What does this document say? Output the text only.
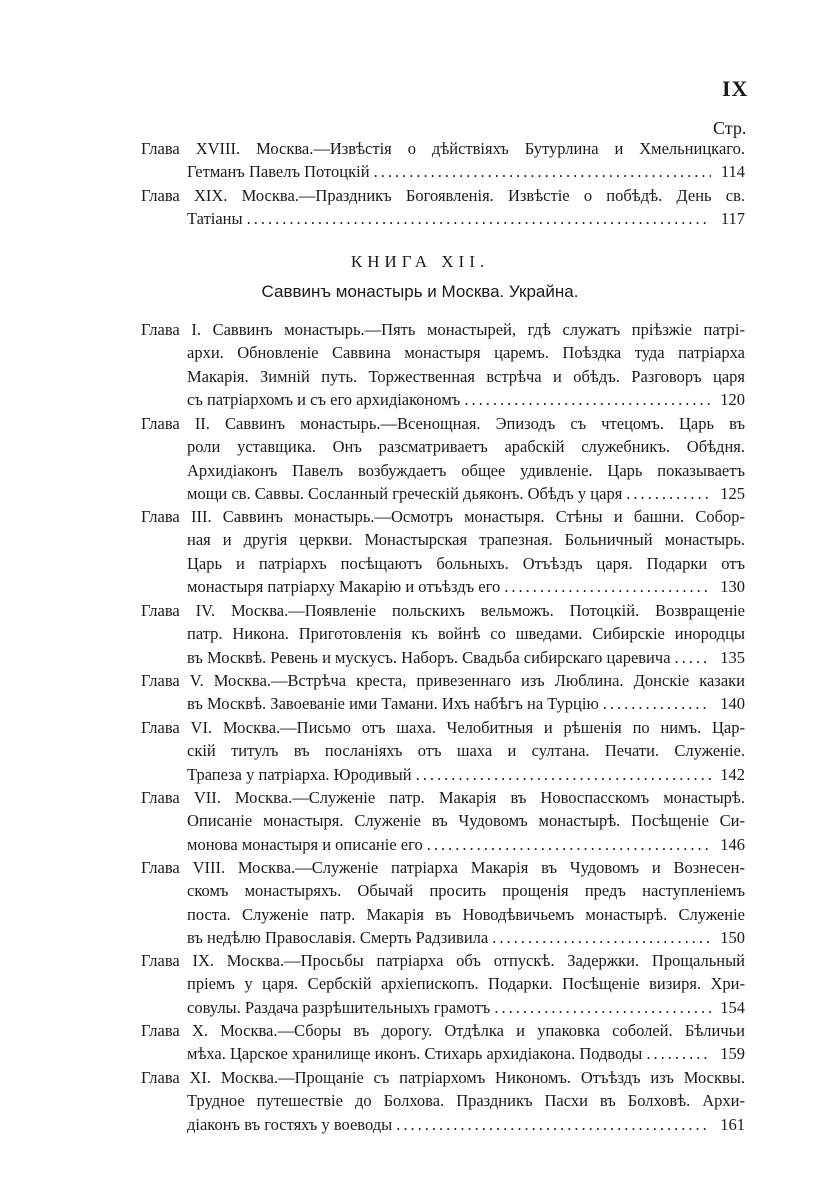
IX
Стр.
Глава XVIII. Москва.—Извѣстія о дѣйствіяхъ Бутурлина и Хмельницкаго.
Гетманъ Павелъ Потоцкій .....	114
Глава XIX. Москва.—Праздникъ Богоявленія. Извѣстіе о побѣдѣ. День св.
Татіаны .....	117
КНИГА XII.
Саввинъ монастырь и Москва. Украйна.
Глава I. Саввинъ монастырь.—Пять монастырей, гдѣ служатъ пріѣзжіе патрі-
архи. Обновленіе Саввина монастыря царемъ. Поѣздка туда патріарха
Макарія. Зимній путь. Торжественная встрѣча и обѣдъ. Разговоръ царя
съ патріархомъ и съ его архидіакономъ .....	120
Глава II. Саввинъ монастырь.—Всенощная. Эпизодъ съ чтецомъ. Царь въ
роли уставщика. Онъ разсматриваетъ арабскій служебникъ. Обѣдня.
Архидіаконъ Павелъ возбуждаетъ общее удивленіе. Царь показываетъ
мощи св. Саввы. Сосланный греческій дьяконъ. Обѣдъ у царя .....	125
Глава III. Саввинъ монастырь.—Осмотръ монастыря. Стѣны и башни. Собор-
ная и другія церкви. Монастырская трапезная. Больничный монастырь.
Царь и патріархъ посѣщаютъ больныхъ. Отъѣздъ царя. Подарки отъ
монастыря патріарху Макарію и отъѣздъ его .....	130
Глава IV. Москва.—Появленіе польскихъ вельможъ. Потоцкій. Возвращеніе
патр. Никона. Приготовленія къ войнѣ со шведами. Сибирскіе инородцы
въ Москвѣ. Ревень и мускусъ. Наборъ. Свадьба сибирскаго царевича .....	135
Глава V. Москва.—Встрѣча креста, привезеннаго изъ Люблина. Донскіе казаки
въ Москвѣ. Завоеваніе ими Тамани. Ихъ набѣгъ на Турцію .....	140
Глава VI. Москва.—Письмо отъ шаха. Челобитныя и рѣшенія по нимъ. Цар-
скій титулъ въ посланіяхъ отъ шаха и султана. Печати. Служеніе.
Трапеза у патріарха. Юродивый .....	142
Глава VII. Москва.—Служеніе патр. Макарія въ Новоспасскомъ монастырѣ.
Описаніе монастыря. Служеніе въ Чудовомъ монастырѣ. Посѣщеніе Си-
монова монастыря и описаніе его .....	146
Глава VIII. Москва.—Служеніе патріарха Макарія въ Чудовомъ и Вознесен-
скомъ монастыряхъ. Обычай просить прощенія предъ наступленіемъ
поста. Служеніе патр. Макарія въ Новодѣвичьемъ монастырѣ. Служеніе
въ недѣлю Православія. Смерть Радзивила .....	150
Глава IX. Москва.—Просьбы патріарха объ отпускѣ. Задержки. Прощальный
пріемъ у царя. Сербскій архіепископъ. Подарки. Посѣщеніе визиря. Хри-
совулы. Раздача разрѣшительныхъ грамотъ .....	154
Глава X. Москва.—Сборы въ дорогу. Отдѣлка и упаковка соболей. Бѣличьи
мѣха. Царское хранилище иконъ. Стихарь архидіакона. Подводы .....	159
Глава XI. Москва.—Прощаніе съ патріархомъ Никономъ. Отъѣздъ изъ Москвы.
Трудное путешествіе до Болхова. Праздникъ Пасхи въ Болховѣ. Архи-
діаконъ въ гостяхъ у воеводы .....	161
